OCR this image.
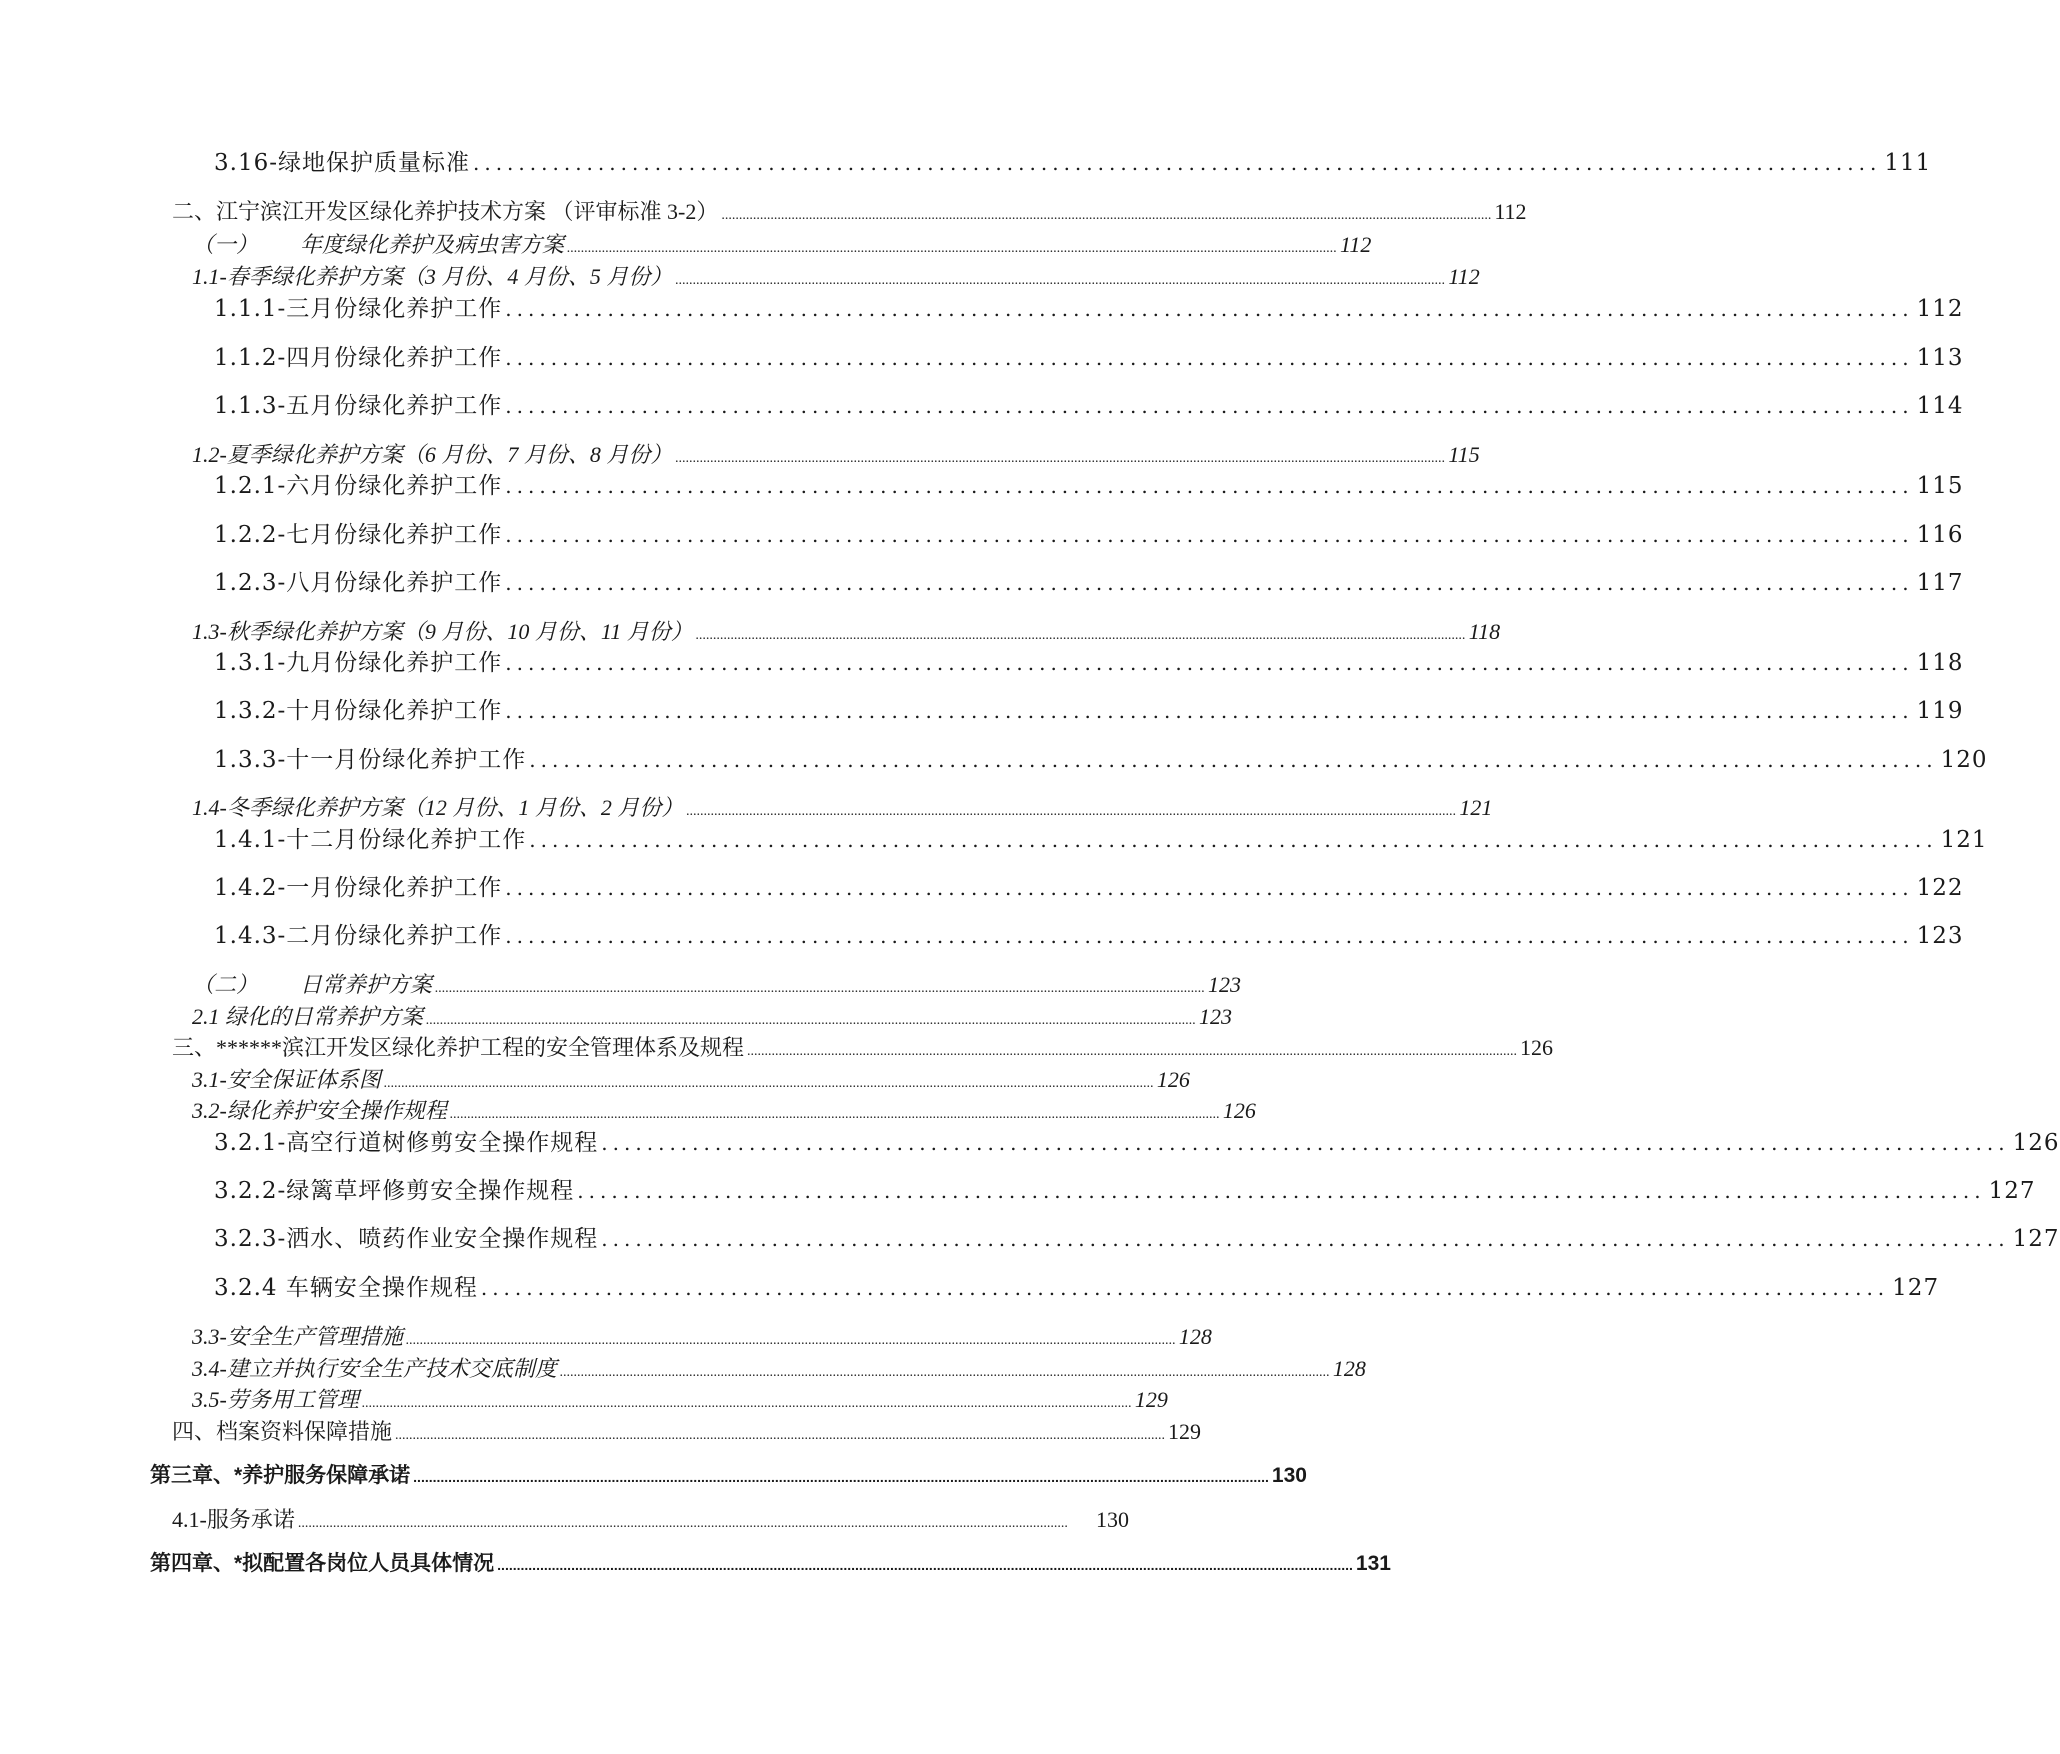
3.16-绿地保护质量标准 ............................................................................................................................ 111
二、江宁滨江开发区绿化养护技术方案 （评审标准 3-2） ............................................................................................................................................................................................................................ 112
（一） 年度绿化养护及病虫害方案 ............................................................................................................................................................................................................................ 112
1.1-春季绿化养护方案（3 月份、4 月份、5 月份） ............................................................................................................................................................................................................................ 112
1.1.1-三月份绿化养护工作 ............................................................................................................................ 112
1.1.2-四月份绿化养护工作 ............................................................................................................................ 113
1.1.3-五月份绿化养护工作 ............................................................................................................................ 114
1.2-夏季绿化养护方案（6 月份、7 月份、8 月份） ............................................................................................................................................................................................................................ 115
1.2.1-六月份绿化养护工作 ............................................................................................................................ 115
1.2.2-七月份绿化养护工作 ............................................................................................................................ 116
1.2.3-八月份绿化养护工作 ............................................................................................................................ 117
1.3-秋季绿化养护方案（9 月份、10 月份、11 月份） ............................................................................................................................................................................................................................ 118
1.3.1-九月份绿化养护工作 ............................................................................................................................ 118
1.3.2-十月份绿化养护工作 ............................................................................................................................ 119
1.3.3-十一月份绿化养护工作 ............................................................................................................................ 120
1.4-冬季绿化养护方案（12 月份、1 月份、2 月份） ............................................................................................................................................................................................................................ 121
1.4.1-十二月份绿化养护工作 ............................................................................................................................ 121
1.4.2-一月份绿化养护工作 ............................................................................................................................ 122
1.4.3-二月份绿化养护工作 ............................................................................................................................ 123
（二） 日常养护方案 ............................................................................................................................................................................................................................ 123
2.1 绿化的日常养护方案 ............................................................................................................................................................................................................................ 123
三、******滨江开发区绿化养护工程的安全管理体系及规程 ............................................................................................................................................................................................................................ 126
3.1-安全保证体系图 ............................................................................................................................................................................................................................ 126
3.2-绿化养护安全操作规程 ............................................................................................................................................................................................................................ 126
3.2.1-高空行道树修剪安全操作规程 ............................................................................................................................ 126
3.2.2-绿篱草坪修剪安全操作规程 ............................................................................................................................ 127
3.2.3-洒水、喷药作业安全操作规程 ............................................................................................................................ 127
3.2.4 车辆安全操作规程 ............................................................................................................................ 127
3.3-安全生产管理措施 ............................................................................................................................................................................................................................ 128
3.4-建立并执行安全生产技术交底制度 ............................................................................................................................................................................................................................ 128
3.5-劳务用工管理 ............................................................................................................................................................................................................................ 129
四、档案资料保障措施 ............................................................................................................................................................................................................................ 129
第三章、*养护服务保障承诺 ............................................................................................................................................................................................................................ 130
4.1-服务承诺 ............................................................................................................................................................................................................................	130
第四章、*拟配置各岗位人员具体情况 ............................................................................................................................................................................................................................ 131
